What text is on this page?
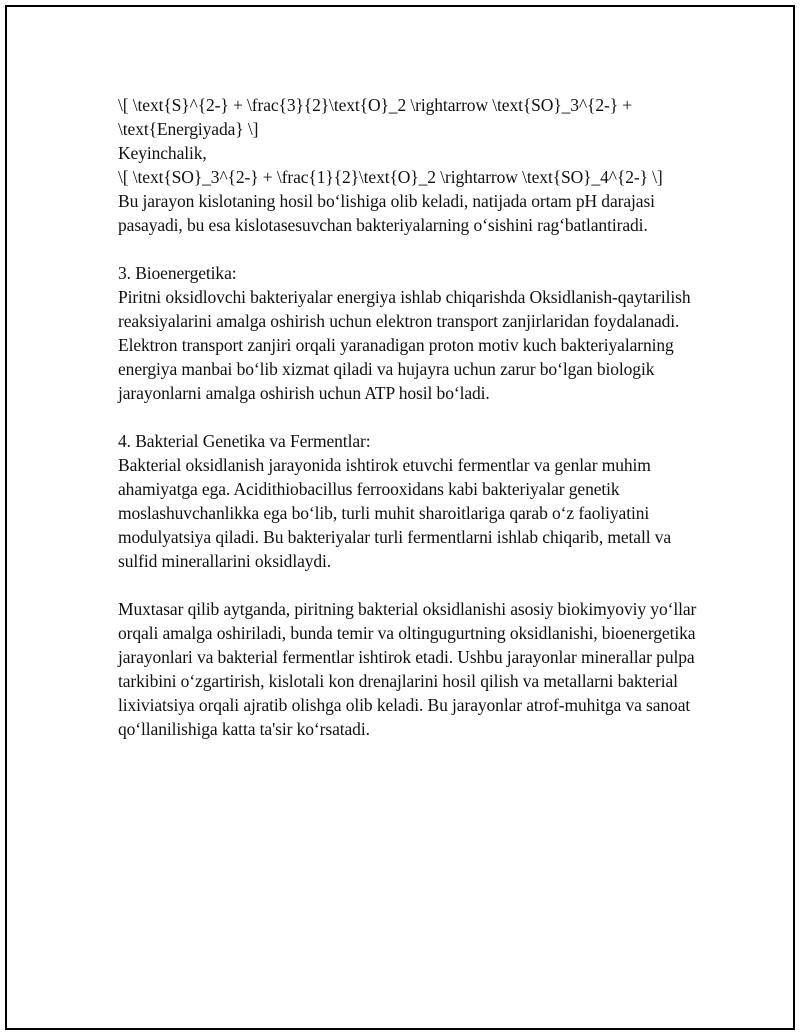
\[ \text{S}^{2-} + \frac{3}{2}\text{O}_2 \rightarrow \text{SO}_3^{2-} + \text{Energiyada} \]

Keyinchalik,

\[ \text{SO}_3^{2-} + \frac{1}{2}\text{O}_2 \rightarrow \text{SO}_4^{2-} \]

Bu jarayon kislotaning hosil bo‘lishiga olib keladi, natijada ortam pH darajasi pasayadi, bu esa kislotasesuvchan bakteriyalarning o‘sishini rag‘batlantiradi.

3. Bioenergetika:

Piritni oksidlovchi bakteriyalar energiya ishlab chiqarishda Oksidlanish-qaytarilish reaksiyalarini amalga oshirish uchun elektron transport zanjirlaridan foydalanadi. Elektron transport zanjiri orqali yaranadigan proton motiv kuch bakteriyalarning energiya manbai bo‘lib xizmat qiladi va hujayra uchun zarur bo‘lgan biologik jarayonlarni amalga oshirish uchun ATP hosil bo‘ladi.

4. Bakterial Genetika va Fermentlar:

Bakterial oksidlanish jarayonida ishtirok etuvchi fermentlar va genlar muhim ahamiyatga ega. Acidithiobacillus ferrooxidans kabi bakteriyalar genetik moslashuvchanlikka ega bo‘lib, turli muhit sharoitlariga qarab o‘z faoliyatini modulyatsiya qiladi. Bu bakteriyalar turli fermentlarni ishlab chiqarib, metall va sulfid minerallarini oksidlaydi.

Muxtasar qilib aytganda, piritning bakterial oksidlanishi asosiy biokimyoviy yo‘llar orqali amalga oshiriladi, bunda temir va oltingugurtning oksidlanishi, bioenergetika jarayonlari va bakterial fermentlar ishtirok etadi. Ushbu jarayonlar minerallar pulpa tarkibini o‘zgartirish, kislotali kon drenajlarini hosil qilish va metallarni bakterial lixiviatsiya orqali ajratib olishga olib keladi. Bu jarayonlar atrof-muhitga va sanoat qo‘llanilishiga katta ta'sir ko‘rsatadi.
